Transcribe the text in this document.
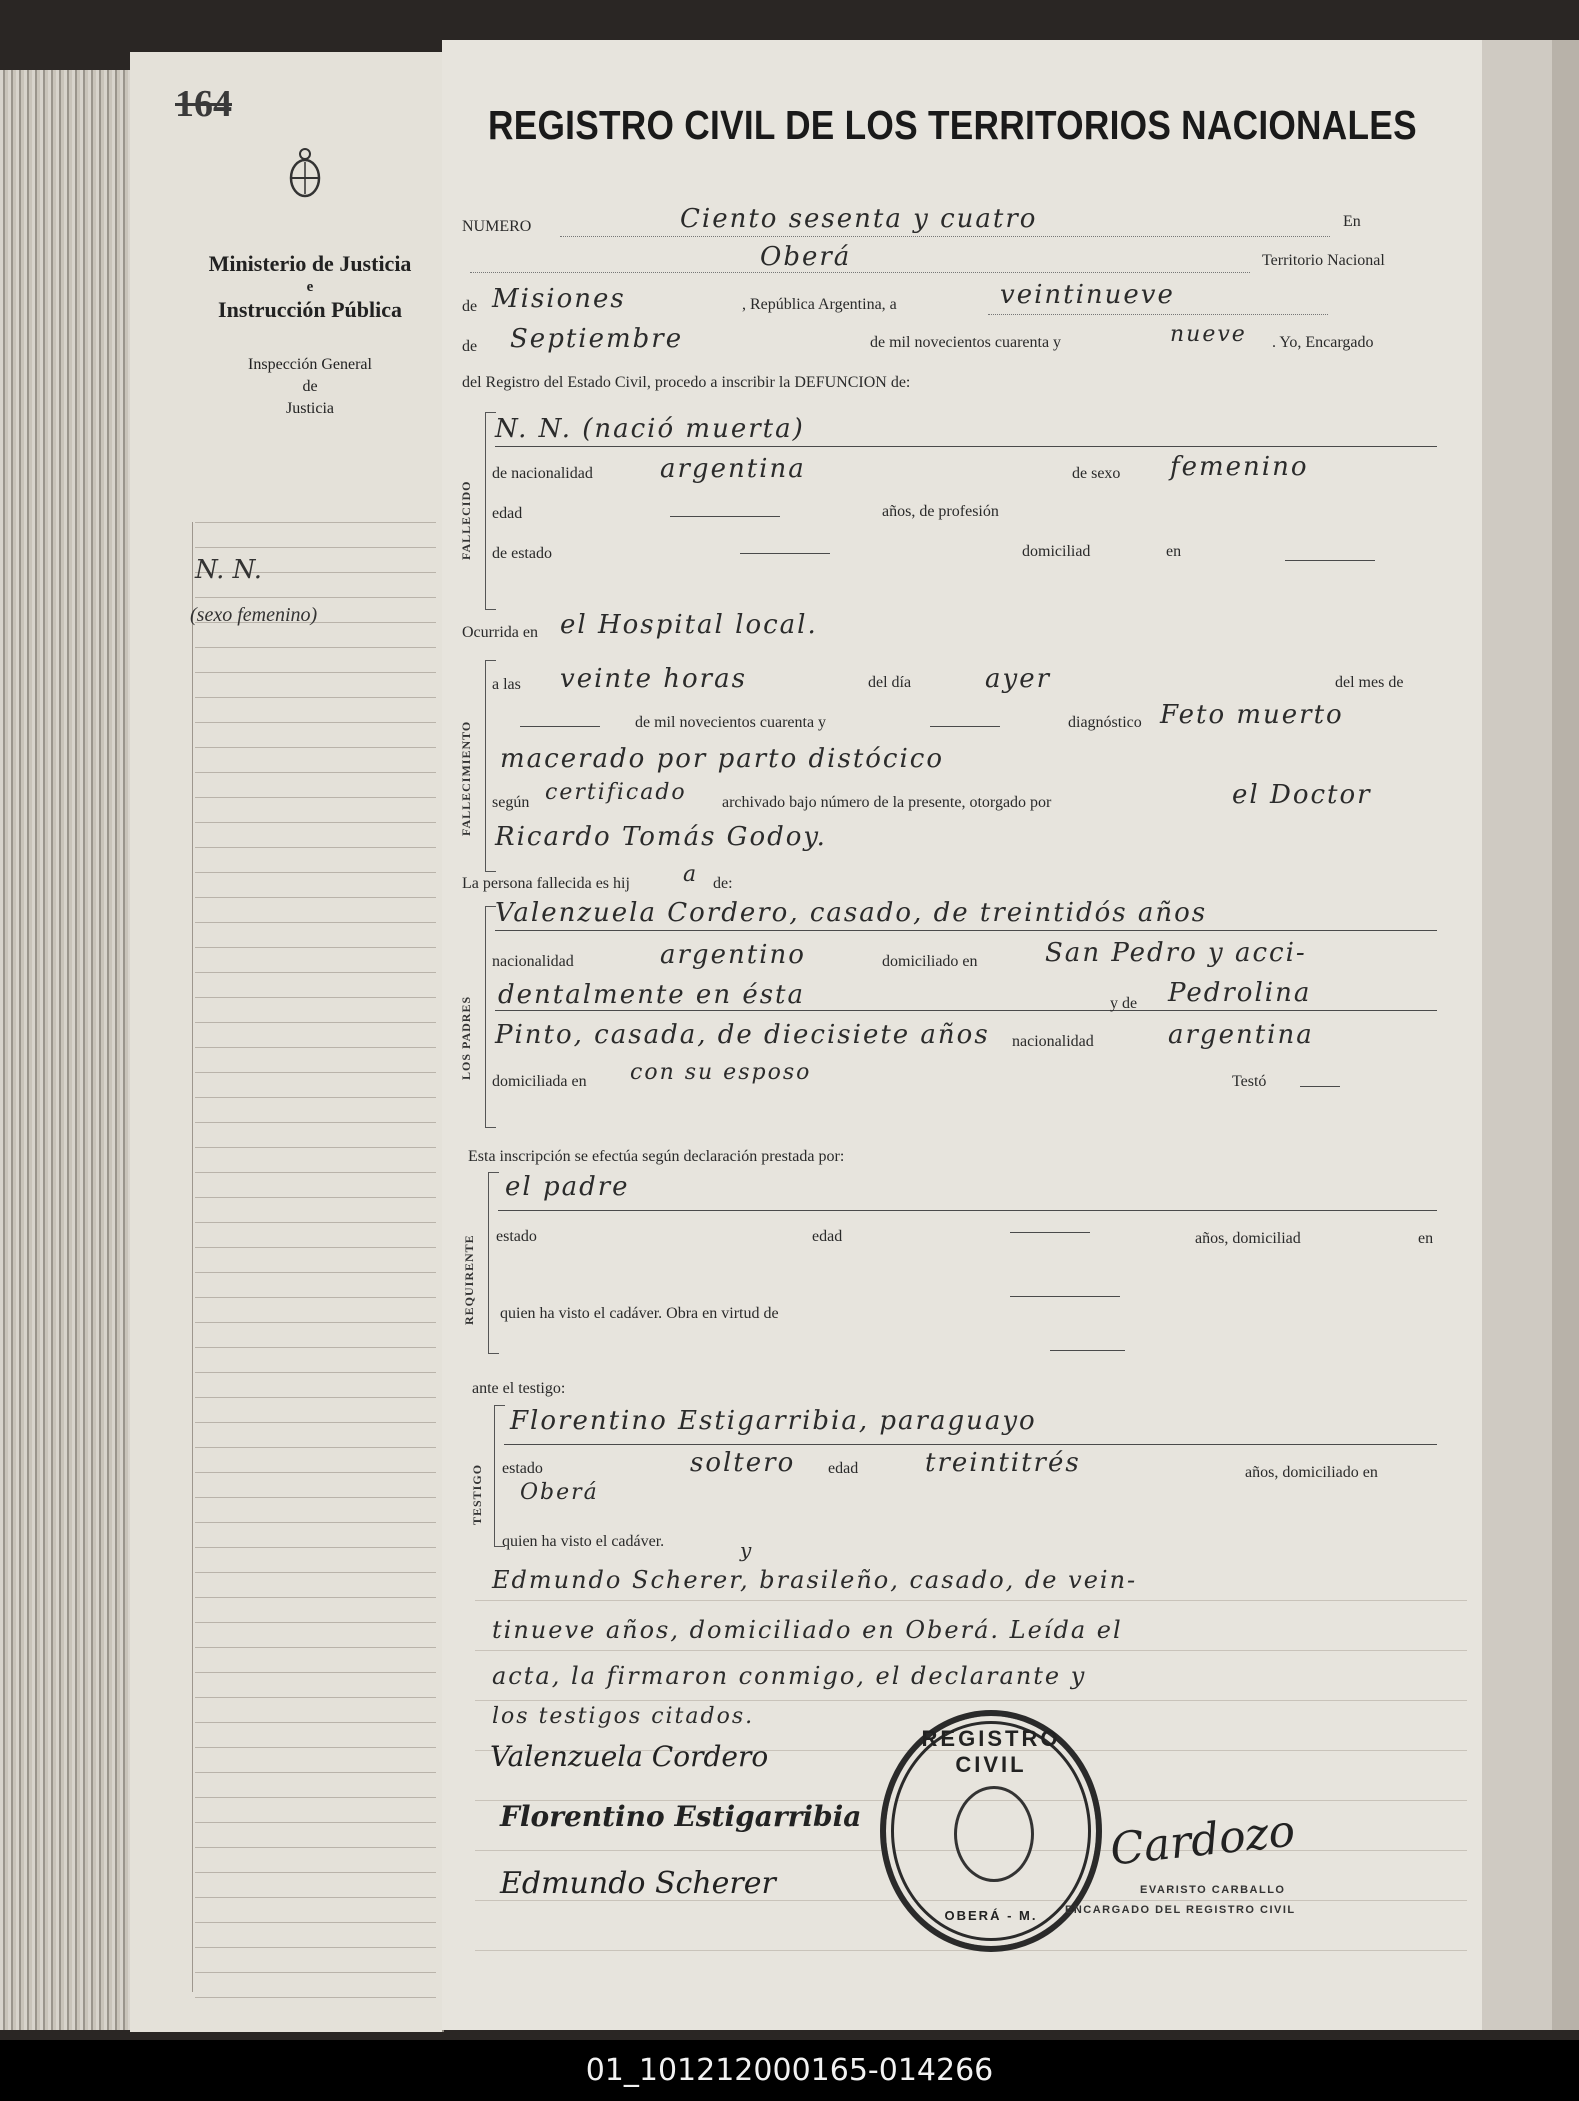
164
Ministerio de Justicia
e
Instrucción Pública
Inspección General
de
Justicia
N. N.
(sexo femenino)
REGISTRO CIVIL DE LOS TERRITORIOS NACIONALES
NUMERO	Ciento sesenta y cuatro	En
Oberá	Territorio Nacional
de Misiones	, República Argentina, a	veintinueve
de Septiembre	de mil novecientos cuarenta y	nueve . Yo, Encargado
del Registro del Estado Civil, procedo a inscribir la DEFUNCION de:
FALLECIDO
N. N. (nació muerta)
de nacionalidad	argentina	de sexo femenino
edad	años, de profesión
de estado	domiciliad	en
Ocurrida en el Hospital local.
FALLECIMIENTO
a las veinte horas	del día	ayer	del mes de
de mil novecientos cuarenta y	diagnóstico Feto muerto
macerado por parto distócico
según certificado archivado bajo número de la presente, otorgado por	el Doctor
Ricardo Tomás Godoy.
La persona fallecida es hij a de:
LOS PADRES
Valenzuela Cordero, casado, de treintidós años
nacionalidad	argentino	domiciliado en	San Pedro y acci-
dentalmente en ésta	y de Pedrolina
Pinto, casada, de diecisiete años nacionalidad	argentina
domiciliada en con su esposo	Testó
Esta inscripción se efectúa según declaración prestada por:
REQUIRENTE
el padre
estado	edad	años, domiciliad	en
quien ha visto el cadáver. Obra en virtud de
ante el testigo:
TESTIGO
Florentino Estigarribia, paraguayo
estado	soltero edad	treintitrés	años, domiciliado en
Oberá
quien ha visto el cadáver.	y
Edmundo Scherer, brasileño, casado, de vein-
tinueve años, domiciliado en Oberá. Leída el
acta, la firmaron conmigo, el declarante y
los testigos citados.
Valenzuela Cordero
Florentino Estigarribia
Edmundo Scherer
REGISTRO CIVIL
OBERÁ - M.
Cardozo
EVARISTO CARBALLO
ENCARGADO DEL REGISTRO CIVIL
01_101212000165-014266
